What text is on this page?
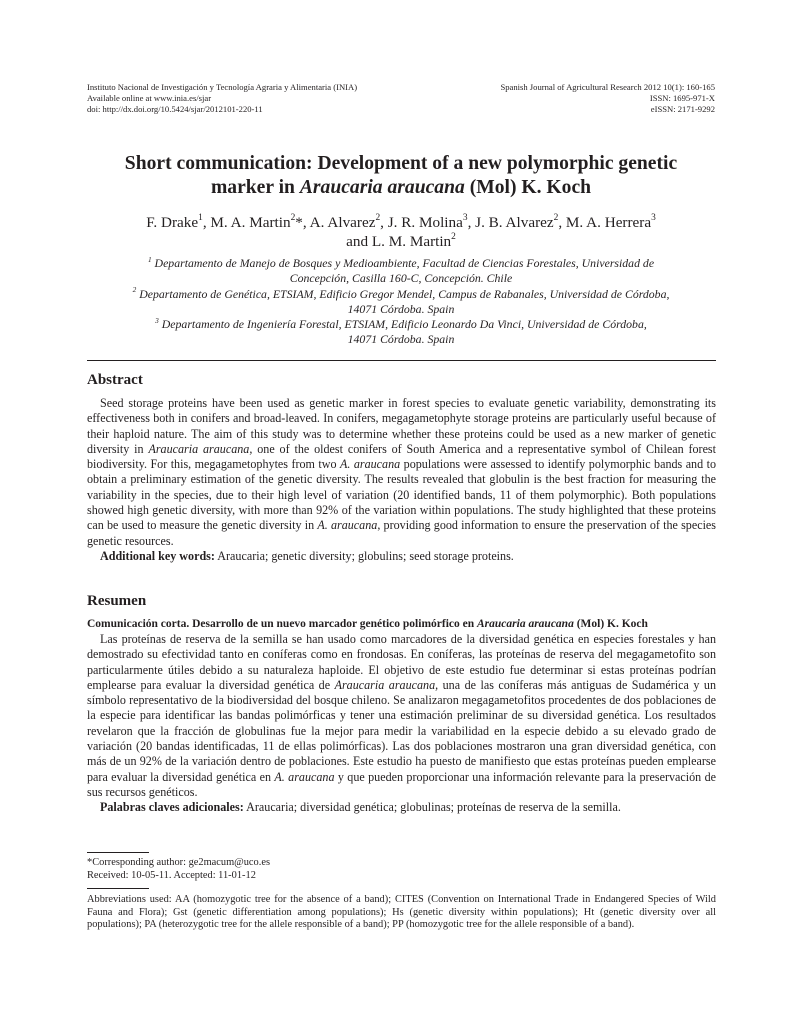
Instituto Nacional de Investigación y Tecnología Agraria y Alimentaria (INIA)
Available online at www.inia.es/sjar
doi: http://dx.doi.org/10.5424/sjar/2012101-220-11
Spanish Journal of Agricultural Research 2012 10(1): 160-165
ISSN: 1695-971-X
eISSN: 2171-9292
Short communication: Development of a new polymorphic genetic
marker in Araucaria araucana (Mol) K. Koch
F. Drake$^1$, M. A. Martin$^2$*, A. Alvarez$^2$, J. R. Molina$^3$, J. B. Alvarez$^2$, M. A. Herrera$^3$
and L. M. Martin$^2$
$^1$ Departamento de Manejo de Bosques y Medioambiente, Facultad de Ciencias Forestales, Universidad de
Concepción, Casilla 160-C, Concepción. Chile
$^2$ Departamento de Genética, ETSIAM, Edificio Gregor Mendel, Campus de Rabanales, Universidad de Córdoba,
14071 Córdoba. Spain
$^3$ Departamento de Ingeniería Forestal, ETSIAM, Edificio Leonardo Da Vinci, Universidad de Córdoba,
14071 Córdoba. Spain
Abstract

Seed storage proteins have been used as genetic marker in forest species to evaluate genetic variability, demonstrating its effectiveness both in conifers and broad-leaved. In conifers, megagametophyte storage proteins are particularly useful because of their haploid nature. The aim of this study was to determine whether these proteins could be used as a new marker of genetic diversity in Araucaria araucana, one of the oldest conifers of South America and a representative symbol of Chilean forest biodiversity. For this, megagametophytes from two A. araucana populations were assessed to identify polymorphic bands and to obtain a preliminary estimation of the genetic diversity. The results revealed that globulin is the best fraction for measuring the variability in the species, due to their high level of variation (20 identified bands, 11 of them polymorphic). Both populations showed high genetic diversity, with more than 92% of the variation within populations. The study highlighted that these proteins can be used to measure the genetic diversity in A. araucana, providing good information to ensure the preservation of the species genetic resources.

Additional key words: Araucaria; genetic diversity; globulins; seed storage proteins.

Resumen

Comunicación corta. Desarrollo de un nuevo marcador genético polimórfico en Araucaria araucana (Mol) K. Koch

Las proteínas de reserva de la semilla se han usado como marcadores de la diversidad genética en especies forestales y han demostrado su efectividad tanto en coníferas como en frondosas. En coníferas, las proteínas de reserva del megagametofito son particularmente útiles debido a su naturaleza haploide. El objetivo de este estudio fue determinar si estas proteínas podrían emplearse para evaluar la diversidad genética de Araucaria araucana, una de las coníferas más antiguas de Sudamérica y un símbolo representativo de la biodiversidad del bosque chileno. Se analizaron megagametofitos procedentes de dos poblaciones de la especie para identificar las bandas polimórficas y tener una estimación preliminar de su diversidad genética. Los resultados revelaron que la fracción de globulinas fue la mejor para medir la variabilidad en la especie debido a su elevado grado de variación (20 bandas identificadas, 11 de ellas polimórficas). Las dos poblaciones mostraron una gran diversidad genética, con más de un 92% de la variación dentro de poblaciones. Este estudio ha puesto de manifiesto que estas proteínas pueden emplearse para evaluar la diversidad genética en A. araucana y que pueden proporcionar una información relevante para la preservación de sus recursos genéticos.

Palabras claves adicionales: Araucaria; diversidad genética; globulinas; proteínas de reserva de la semilla.

*Corresponding author: ge2macum@uco.es
Received: 10-05-11. Accepted: 11-01-12
Abbreviations used: AA (homozygotic tree for the absence of a band); CITES (Convention on International Trade in Endangered Species of Wild Fauna and Flora); Gst (genetic differentiation among populations); Hs (genetic diversity within populations); Ht (genetic diversity over all populations); PA (heterozygotic tree for the allele responsible of a band); PP (homozygotic tree for the allele responsible of a band).
